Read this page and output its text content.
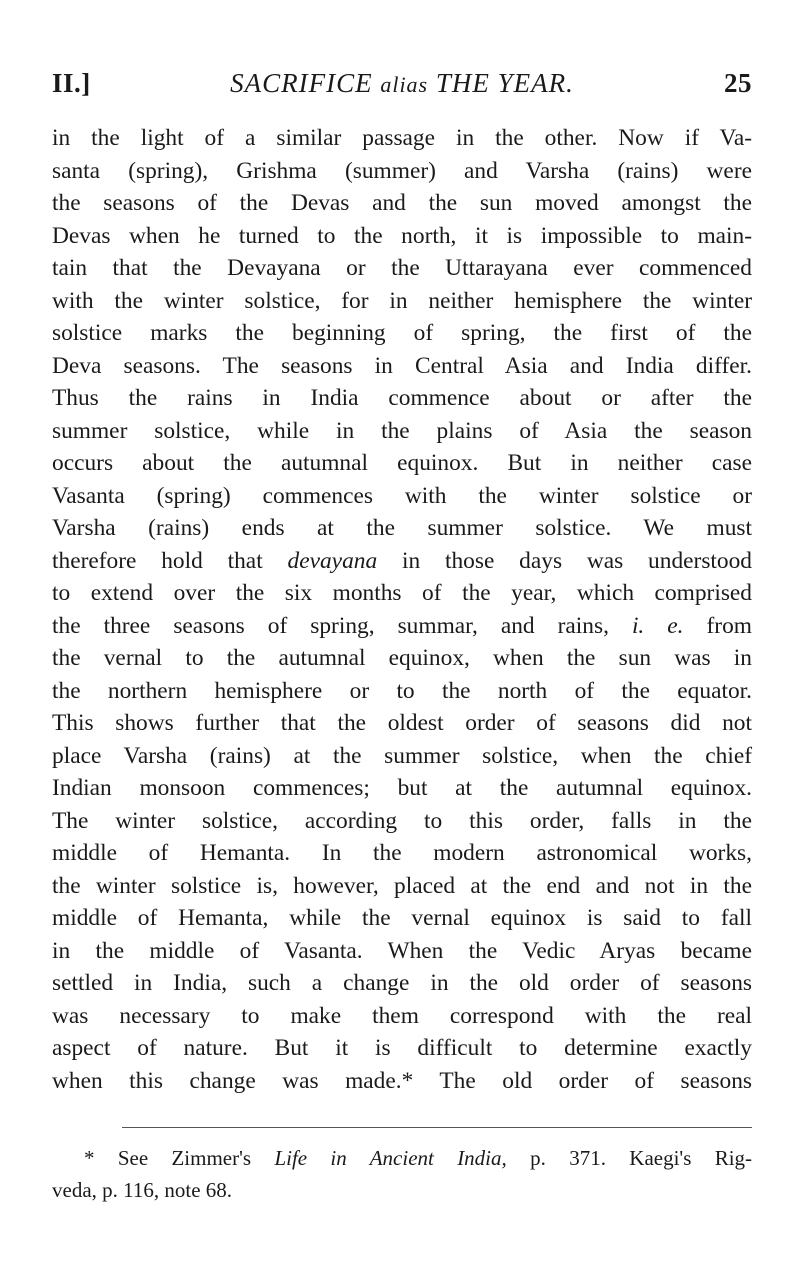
II.]	SACRIFICE alias THE YEAR.	25
in the light of a similar passage in the other. Now if Va-
santa (spring), Grishma (summer) and Varsha (rains) were
the seasons of the Devas and the sun moved amongst the
Devas when he turned to the north, it is impossible to main-
tain that the Devayana or the Uttarayana ever commenced
with the winter solstice, for in neither hemisphere the winter
solstice marks the beginning of spring, the first of the
Deva seasons. The seasons in Central Asia and India differ.
Thus the rains in India commence about or after the
summer solstice, while in the plains of Asia the season
occurs about the autumnal equinox. But in neither case
Vasanta (spring) commences with the winter solstice or
Varsha (rains) ends at the summer solstice. We must
therefore hold that devayana in those days was understood
to extend over the six months of the year, which comprised
the three seasons of spring, summar, and rains, i. e. from
the vernal to the autumnal equinox, when the sun was in
the northern hemisphere or to the north of the equator.
This shows further that the oldest order of seasons did not
place Varsha (rains) at the summer solstice, when the chief
Indian monsoon commences; but at the autumnal equinox.
The winter solstice, according to this order, falls in the
middle of Hemanta. In the modern astronomical works,
the winter solstice is, however, placed at the end and not in the
middle of Hemanta, while the vernal equinox is said to fall
in the middle of Vasanta. When the Vedic Aryas became
settled in India, such a change in the old order of seasons
was necessary to make them correspond with the real
aspect of nature. But it is difficult to determine exactly
when this change was made.* The old order of seasons
* See Zimmer's Life in Ancient India, p. 371. Kaegi's Rig-
veda, p. 116, note 68.
